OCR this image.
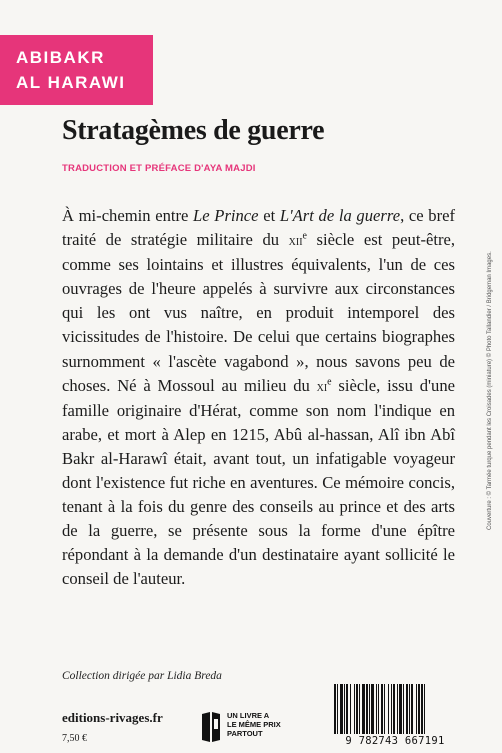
ABIBAKR
AL HARAWI
Stratagèmes de guerre
TRADUCTION ET PRÉFACE D'AYA MAJDI
À mi-chemin entre Le Prince et L'Art de la guerre, ce bref traité de stratégie militaire du xii$^e$ siècle est peut-être, comme ses lointains et illustres équivalents, l'un de ces ouvrages de l'heure appelés à survivre aux circonstances qui les ont vus naître, en produit intemporel des vicissitudes de l'histoire. De celui que certains biographes surnomment « l'ascète vagabond », nous savons peu de choses. Né à Mossoul au milieu du $xi^e$ siècle, issu d'une famille originaire d'Hérat, comme son nom l'indique en arabe, et mort à Alep en 1215, Abû al-hassan, Alî ibn Abî Bakr al-Harawî était, avant tout, un infatigable voyageur dont l'existence fut riche en aventures. Ce mémoire concis, tenant à la fois du genre des conseils au prince et des arts de la guerre, se présente sous la forme d'une épître répondant à la demande d'un destinataire ayant sollicité le conseil de l'auteur.
Collection dirigée par Lidia Breda
editions-rivages.fr
7,50 €
UN LIVRE A
LE MÊME PRIX
PARTOUT
9 782743 667191
Couverture : © Tarmée turque pendant les Croisades (miniature) © Photo Tallandier / Bridgeman Images.
